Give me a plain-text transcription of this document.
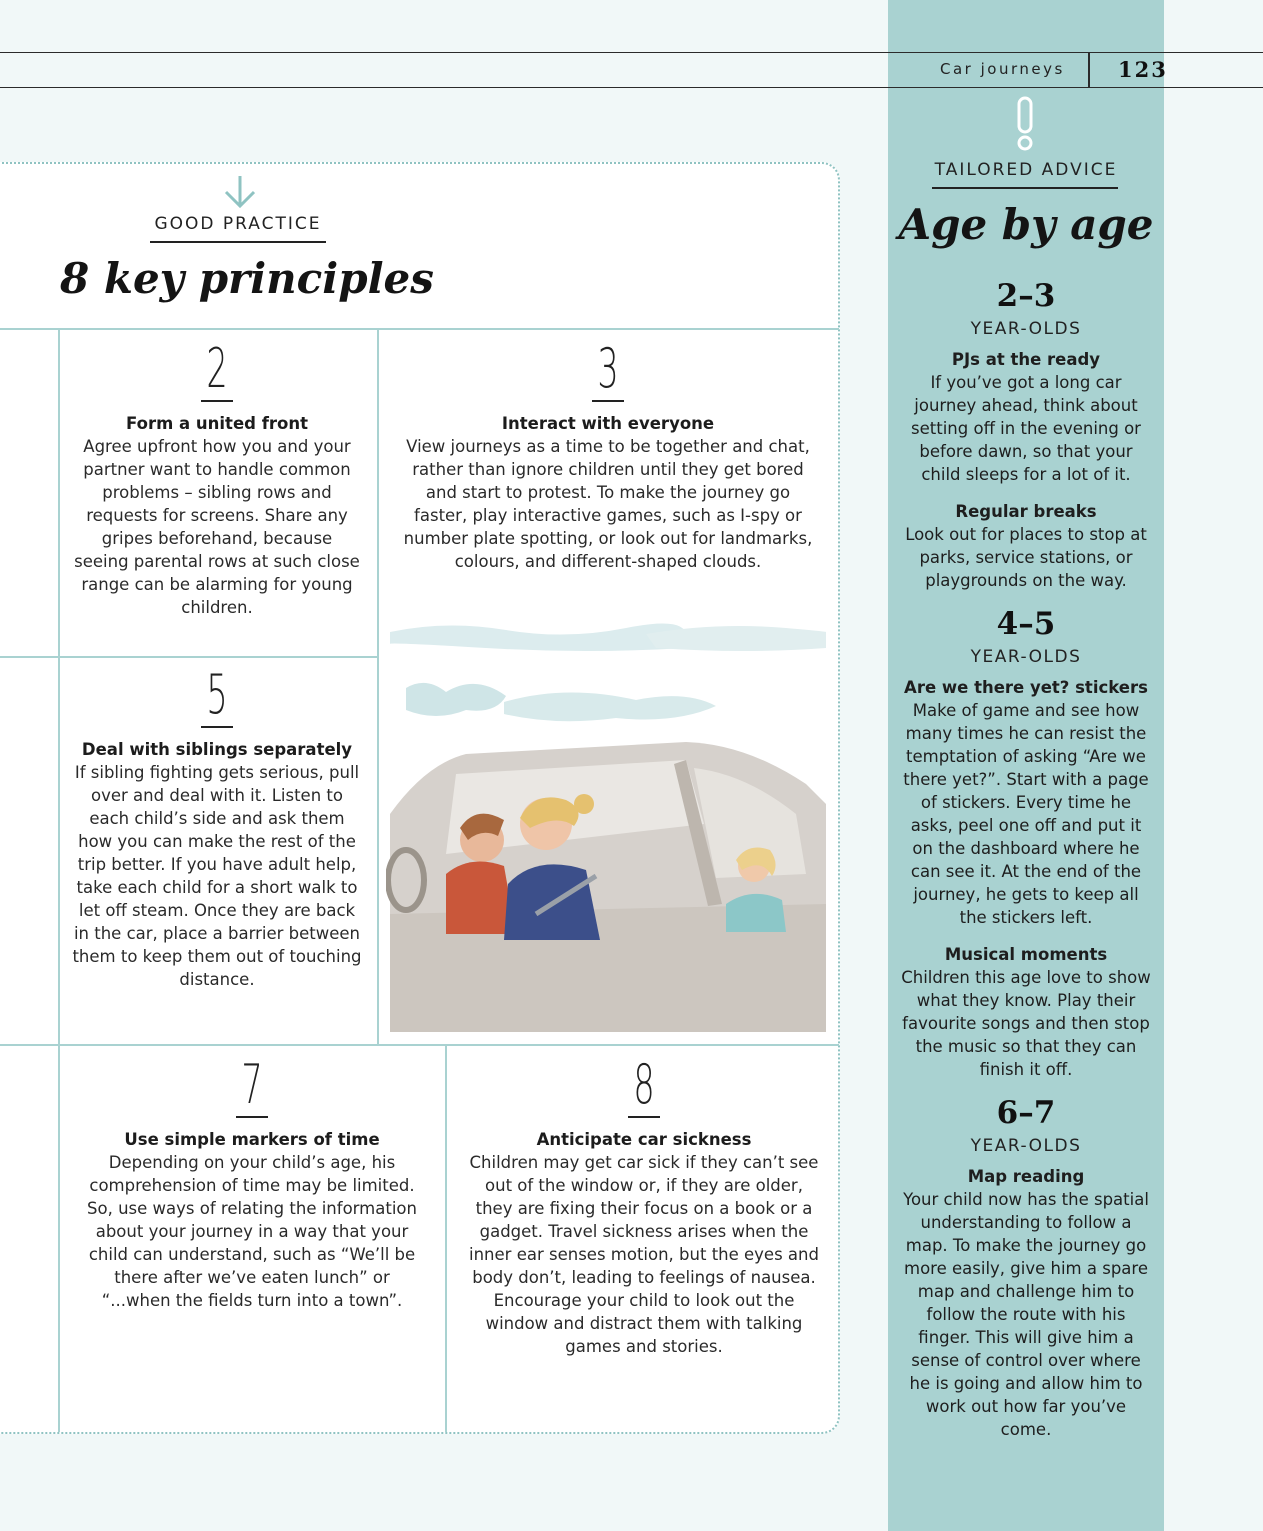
Car journeys	123
GOOD PRACTICE
8 key principles
2
Form a united front
Agree upfront how you and your partner want to handle common problems – sibling rows and requests for screens. Share any gripes beforehand, because seeing parental rows at such close range can be alarming for young children.
3
Interact with everyone
View journeys as a time to be together and chat, rather than ignore children until they get bored and start to protest. To make the journey go faster, play interactive games, such as I-spy or number plate spotting, or look out for landmarks, colours, and different-shaped clouds.
5
Deal with siblings separately
If sibling fighting gets serious, pull over and deal with it. Listen to each child’s side and ask them how you can make the rest of the trip better. If you have adult help, take each child for a short walk to let off steam. Once they are back in the car, place a barrier between them to keep them out of touching distance.
7
Use simple markers of time
Depending on your child’s age, his comprehension of time may be limited. So, use ways of relating the information about your journey in a way that your child can understand, such as “We’ll be there after we’ve eaten lunch” or “...when the fields turn into a town”.
8
Anticipate car sickness
Children may get car sick if they can’t see out of the window or, if they are older, they are fixing their focus on a book or a gadget. Travel sickness arises when the inner ear senses motion, but the eyes and body don’t, leading to feelings of nausea. Encourage your child to look out the window and distract them with talking games and stories.
TAILORED ADVICE
Age by age
2–3
YEAR-OLDS
PJs at the ready
If you’ve got a long car journey ahead, think about setting off in the evening or before dawn, so that your child sleeps for a lot of it.
Regular breaks
Look out for places to stop at parks, service stations, or playgrounds on the way.
4–5
YEAR-OLDS
Are we there yet? stickers
Make of game and see how many times he can resist the temptation of asking “Are we there yet?”. Start with a page of stickers. Every time he asks, peel one off and put it on the dashboard where he can see it. At the end of the journey, he gets to keep all the stickers left.
Musical moments
Children this age love to show what they know. Play their favourite songs and then stop the music so that they can finish it off.
6–7
YEAR-OLDS
Map reading
Your child now has the spatial understanding to follow a map. To make the journey go more easily, give him a spare map and challenge him to follow the route with his finger. This will give him a sense of control over where he is going and allow him to work out how far you’ve come.
